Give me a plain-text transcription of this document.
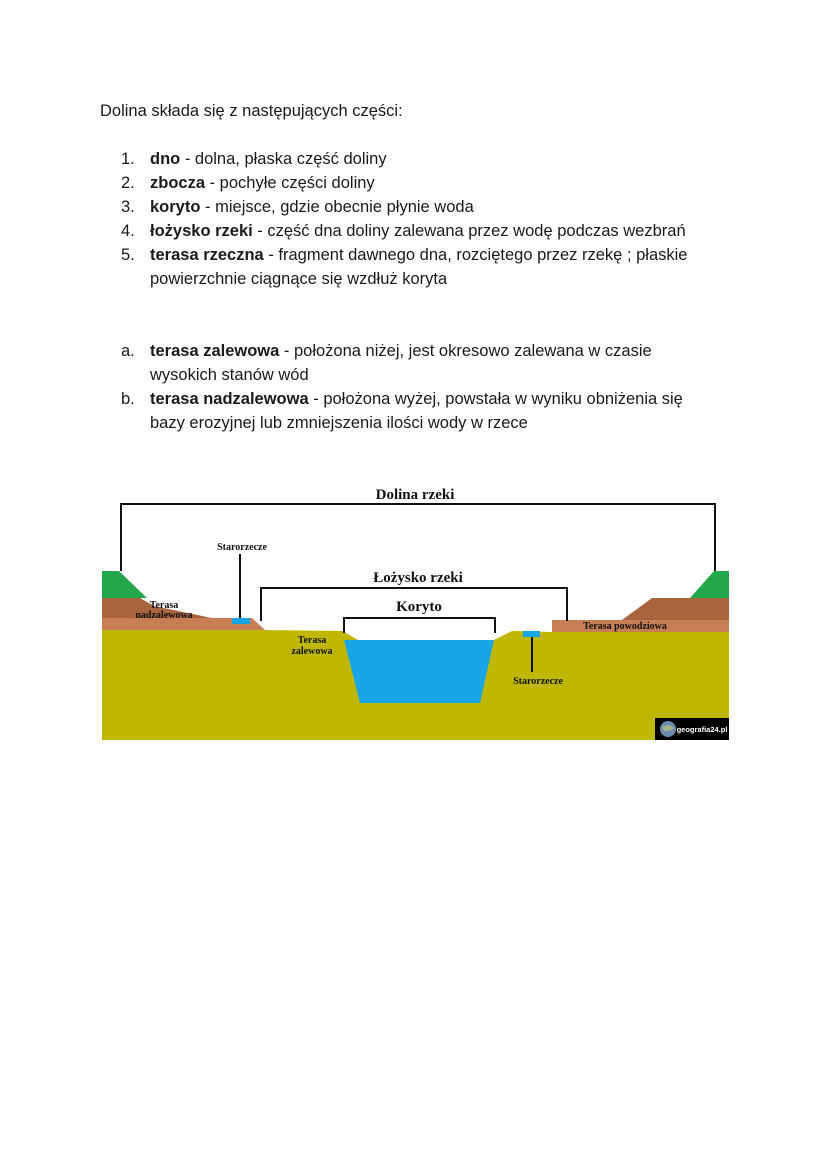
Dolina składa się z następujących części:

1. dno - dolna, płaska część doliny
2. zbocza - pochyłe części doliny
3. koryto - miejsce, gdzie obecnie płynie woda
4. łożysko rzeki - część dna doliny zalewana przez wodę podczas wezbrań
5. terasa rzeczna - fragment dawnego dna, rozciętego przez rzekę ; płaskie powierzchnie ciągnące się wzdłuż koryta
a. terasa zalewowa - położona niżej, jest okresowo zalewana w czasie wysokich stanów wód
b. terasa nadzalewowa - położona wyżej, powstała w wyniku obniżenia się bazy erozyjnej lub zmniejszenia ilości wody w rzece
Dolina rzeki
Starorzecze
Łożysko rzeki
Koryto
Terasa
nadzalewowa
Terasa
zalewowa
Terasa powodziowa
Starorzecze
geografia24.pl
